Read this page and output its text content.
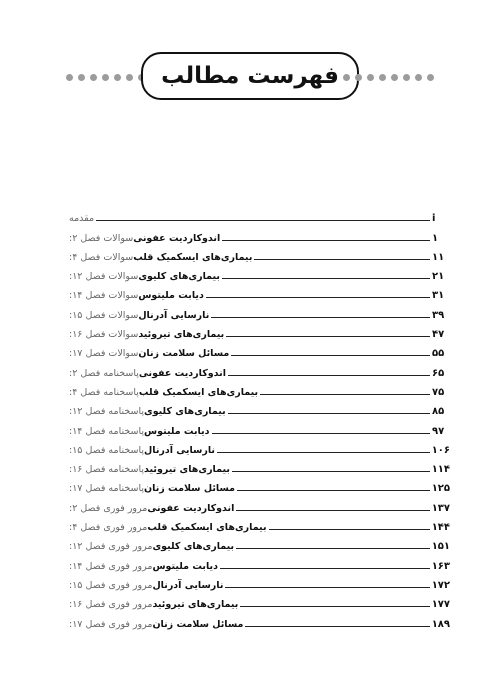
فهرست مطالب
مقدمه	i
سوالات فصل ۲: اندوکاردیت عفونی	۱
سوالات فصل ۴: بیماری‌های ایسکمیک قلب	۱۱
سوالات فصل ۱۲: بیماری‌های کلیوی	۲۱
سوالات فصل ۱۴: دیابت ملیتوس	۳۱
سوالات فصل ۱۵: نارسایی آدرنال	۳۹
سوالات فصل ۱۶: بیماری‌های تیروئید	۴۷
سوالات فصل ۱۷: مسائل سلامت زنان	۵۵
پاسخنامه فصل ۲: اندوکاردیت عفونی	۶۵
پاسخنامه فصل ۴: بیماری‌های ایسکمیک قلب	۷۵
پاسخنامه فصل ۱۲: بیماری‌های کلیوی	۸۵
پاسخنامه فصل ۱۴: دیابت ملیتوس	۹۷
پاسخنامه فصل ۱۵: نارسایی آدرنال	۱۰۶
پاسخنامه فصل ۱۶: بیماری‌های تیروئید	۱۱۴
پاسخنامه فصل ۱۷: مسائل سلامت زنان	۱۲۵
مرور فوری فصل ۲: اندوکاردیت عفونی	۱۳۷
مرور فوری فصل ۴: بیماری‌های ایسکمیک قلب	۱۴۴
مرور فوری فصل ۱۲: بیماری‌های کلیوی	۱۵۱
مرور فوری فصل ۱۴: دیابت ملیتوس	۱۶۳
مرور فوری فصل ۱۵: نارسایی آدرنال	۱۷۲
مرور فوری فصل ۱۶: بیماری‌های تیروئید	۱۷۷
مرور فوری فصل ۱۷: مسائل سلامت زنان	۱۸۹
